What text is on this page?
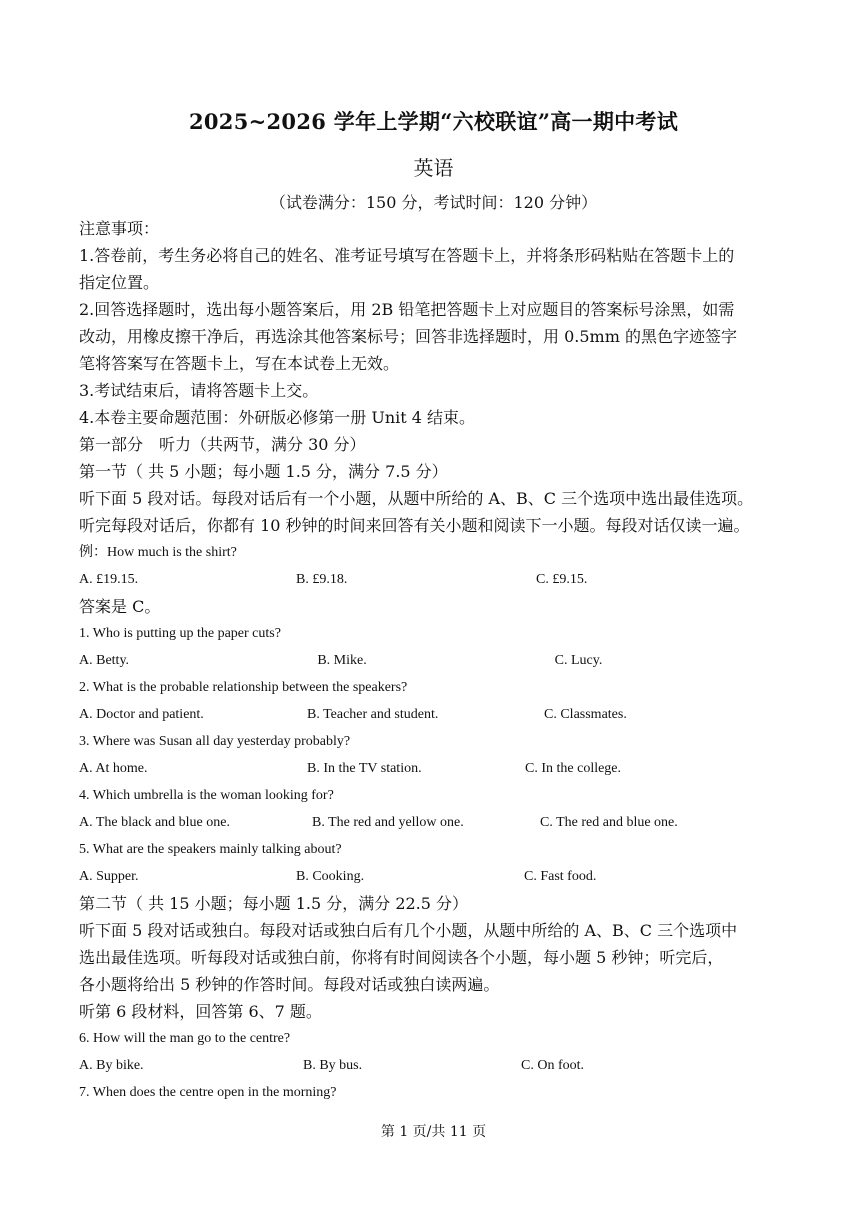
2025~2026 学年上学期“六校联谊”高一期中考试
英语
（试卷满分：150 分，考试时间：120 分钟）
注意事项：
1.答卷前，考生务必将自己的姓名、准考证号填写在答题卡上，并将条形码粘贴在答题卡上的
指定位置。
2.回答选择题时，选出每小题答案后，用 2B 铅笔把答题卡上对应题目的答案标号涂黑，如需
改动，用橡皮擦干净后，再选涂其他答案标号；回答非选择题时，用 0.5mm 的黑色字迹签字
笔将答案写在答题卡上，写在本试卷上无效。
3.考试结束后，请将答题卡上交。
4.本卷主要命题范围：外研版必修第一册 Unit 4 结束。
第一部分　听力（共两节，满分 30 分）
第一节（ 共 5 小题；每小题 1.5 分，满分 7.5 分）
听下面 5 段对话。每段对话后有一个小题，从题中所给的 A、B、C 三个选项中选出最佳选项。
听完每段对话后，你都有 10 秒钟的时间来回答有关小题和阅读下一小题。每段对话仅读一遍。
例：How much is the shirt?
A. £19.15.	B. £9.18.	C. £9.15.
答案是 C。
1. Who is putting up the paper cuts?
A. Betty.	B. Mike.	C. Lucy.
2. What is the probable relationship between the speakers?
A. Doctor and patient.	B. Teacher and student.	C. Classmates.
3. Where was Susan all day yesterday probably?
A. At home.	B. In the TV station.	C. In the college.
4. Which umbrella is the woman looking for?
A. The black and blue one.	B. The red and yellow one.	C. The red and blue one.
5. What are the speakers mainly talking about?
A. Supper.	B. Cooking.	C. Fast food.
第二节（ 共 15 小题；每小题 1.5 分，满分 22.5 分）
听下面 5 段对话或独白。每段对话或独白后有几个小题，从题中所给的 A、B、C 三个选项中
选出最佳选项。听每段对话或独白前，你将有时间阅读各个小题，每小题 5 秒钟；听完后，
各小题将给出 5 秒钟的作答时间。每段对话或独白读两遍。
听第 6 段材料，回答第 6、7 题。
6. How will the man go to the centre?
A. By bike.	B. By bus.	C. On foot.
7. When does the centre open in the morning?
第 1 页/共 11 页
